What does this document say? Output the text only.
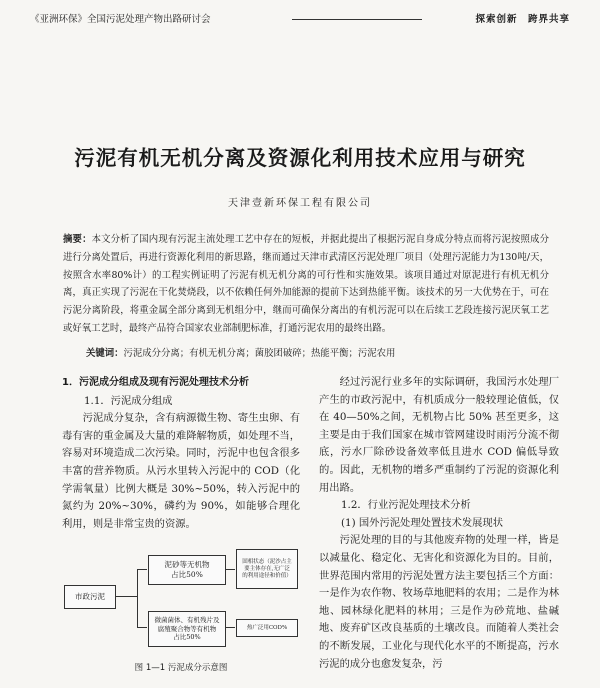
《亚洲环保》全国污泥处理产物出路研讨会	探索创新　跨界共享
污泥有机无机分离及资源化利用技术应用与研究
天津壹新环保工程有限公司
摘要：本文分析了国内现有污泥主流处理工艺中存在的短板，并据此提出了根据污泥自身成分特点而将污泥按照成分进行分离处置后，再进行资源化利用的新思路，继而通过天津市武清区污泥处理厂项目（处理污泥能力为130吨/天，按照含水率80%计）的工程实例证明了污泥有机无机分离的可行性和实施效果。该项目通过对原泥进行有机无机分离，真正实现了污泥在干化焚烧段，以不依赖任何外加能源的提前下达到热能平衡。该技术的另一大优势在于，可在污泥分离阶段，将重金属全部分离到无机组分中，继而可确保分离出的有机污泥可以在后续工艺段连接污泥厌氧工艺或好氧工艺时，最终产品符合国家农业部制肥标准，打通污泥农用的最终出路。
关键词：污泥成分分离；有机无机分离；菌胶团破碎；热能平衡；污泥农用
1．污泥成分组成及现有污泥处理技术分析
1.1．污泥成分组成
污泥成分复杂，含有病源微生物、寄生虫卵、有毒有害的重金属及大量的难降解物质，如处理不当，容易对环境造成二次污染。同时，污泥中也包含很多丰富的营养物质。从污水里转入污泥中的 COD（化学需氧量）比例大概是 30%~50%，转入污泥中的氮约为 20%~30%，磷约为 90%，如能够合理化利用，则是非常宝贵的资源。
市政污泥
泥砂等无机物
占比50%
固相状态（泥沙占主
要主体存在,无广泛
的利用途径和价值）
微菌菌体、有机残片及
腐殖聚合物等有机物
占比50%
热广泛用COD%
图 1—1 污泥成分示意图
经过污泥行业多年的实际调研，我国污水处理厂产生的市政污泥中，有机质成分一般较理论值低，仅在 40—50%之间，无机物占比 50% 甚至更多，这主要是由于我们国家在城市管网建设时雨污分流不彻底，污水厂除砂设备效率低且进水 COD 偏低导致的。因此，无机物的增多严重制约了污泥的资源化利用出路。
1.2．行业污泥处理技术分析
(1) 国外污泥处理处置技术发展现状
污泥处理的目的与其他废弃物的处理一样，皆是以减量化、稳定化、无害化和资源化为目的。目前，世界范围内常用的污泥处置方法主要包括三个方面：一是作为农作物、牧场草地肥料的农用；二是作为林地、园林绿化肥料的林用；三是作为砂荒地、盐碱地、废弃矿区改良基质的土壤改良。而随着人类社会的不断发展，工业化与现代化水平的不断提高，污水污泥的成分也愈发复杂，污
